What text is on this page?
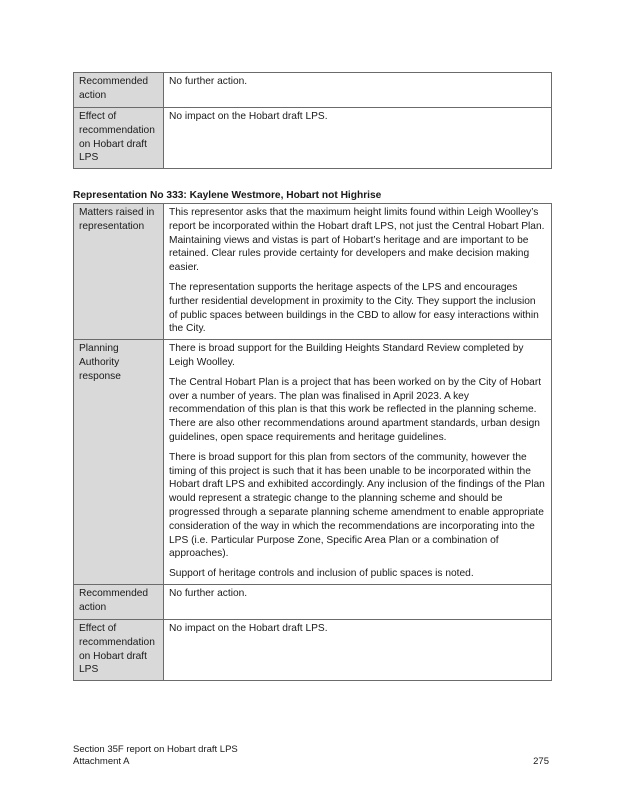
Recommended action	No further action.

Effect of recommendation on Hobart draft LPS	No impact on the Hobart draft LPS.

Representation No 333: Kaylene Westmore, Hobart not Highrise
Matters raised in representation	This representor asks that the maximum height limits found within Leigh Woolley’s report be incorporated within the Hobart draft LPS, not just the Central Hobart Plan. Maintaining views and vistas is part of Hobart’s heritage and are important to be retained. Clear rules provide certainty for developers and make decision making easier.

The representation supports the heritage aspects of the LPS and encourages further residential development in proximity to the City. They support the inclusion of public spaces between buildings in the CBD to allow for easy interactions within the City.

Planning Authority response	There is broad support for the Building Heights Standard Review completed by Leigh Woolley.

The Central Hobart Plan is a project that has been worked on by the City of Hobart over a number of years. The plan was finalised in April 2023. A key recommendation of this plan is that this work be reflected in the planning scheme. There are also other recommendations around apartment standards, urban design guidelines, open space requirements and heritage guidelines.

There is broad support for this plan from sectors of the community, however the timing of this project is such that it has been unable to be incorporated within the Hobart draft LPS and exhibited accordingly. Any inclusion of the findings of the Plan would represent a strategic change to the planning scheme and should be progressed through a separate planning scheme amendment to enable appropriate consideration of the way in which the recommendations are incorporating into the LPS (i.e. Particular Purpose Zone, Specific Area Plan or a combination of approaches).

Support of heritage controls and inclusion of public spaces is noted.

Recommended action	No further action.

Effect of recommendation on Hobart draft LPS	No impact on the Hobart draft LPS.

Section 35F report on Hobart draft LPS
Attachment A	275
